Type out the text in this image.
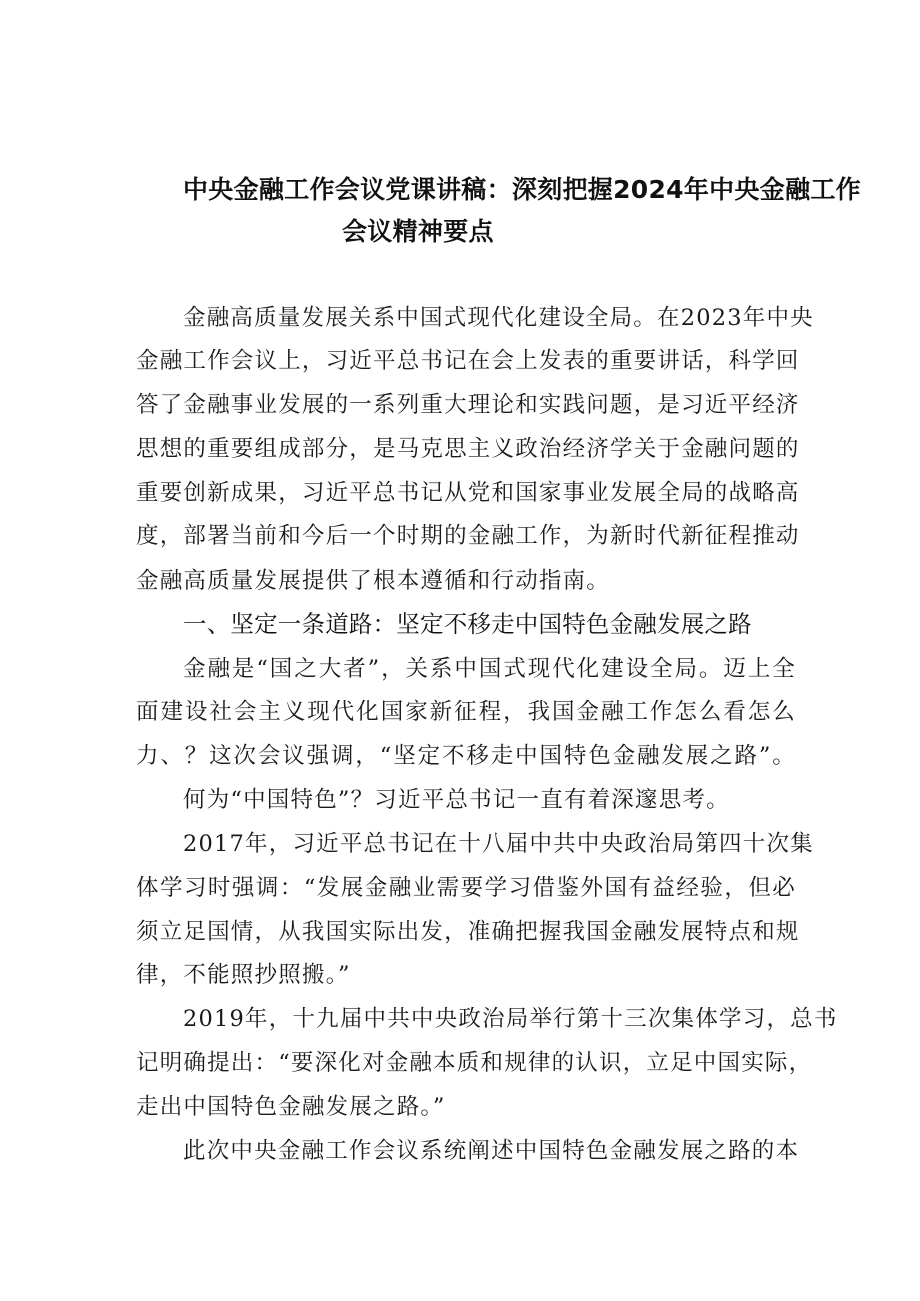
中央金融工作会议党课讲稿：深刻把握2024年中央金融工作
会议精神要点
金融高质量发展关系中国式现代化建设全局。在2023年中央
金融工作会议上，习近平总书记在会上发表的重要讲话，科学回
答了金融事业发展的一系列重大理论和实践问题，是习近平经济
思想的重要组成部分，是马克思主义政治经济学关于金融问题的
重要创新成果，习近平总书记从党和国家事业发展全局的战略高
度，部署当前和今后一个时期的金融工作，为新时代新征程推动
金融高质量发展提供了根本遵循和行动指南。
一、坚定一条道路：坚定不移走中国特色金融发展之路
金融是“国之大者”，关系中国式现代化建设全局。迈上全
面建设社会主义现代化国家新征程，我国金融工作怎么看怎么
力、？这次会议强调，“坚定不移走中国特色金融发展之路”。
何为“中国特色”？习近平总书记一直有着深邃思考。
2017年，习近平总书记在十八届中共中央政治局第四十次集
体学习时强调：“发展金融业需要学习借鉴外国有益经验，但必
须立足国情，从我国实际出发，准确把握我国金融发展特点和规
律，不能照抄照搬。”
2019年，十九届中共中央政治局举行第十三次集体学习，总书
记明确提出：“要深化对金融本质和规律的认识，立足中国实际，
走出中国特色金融发展之路。”
此次中央金融工作会议系统阐述中国特色金融发展之路的本
